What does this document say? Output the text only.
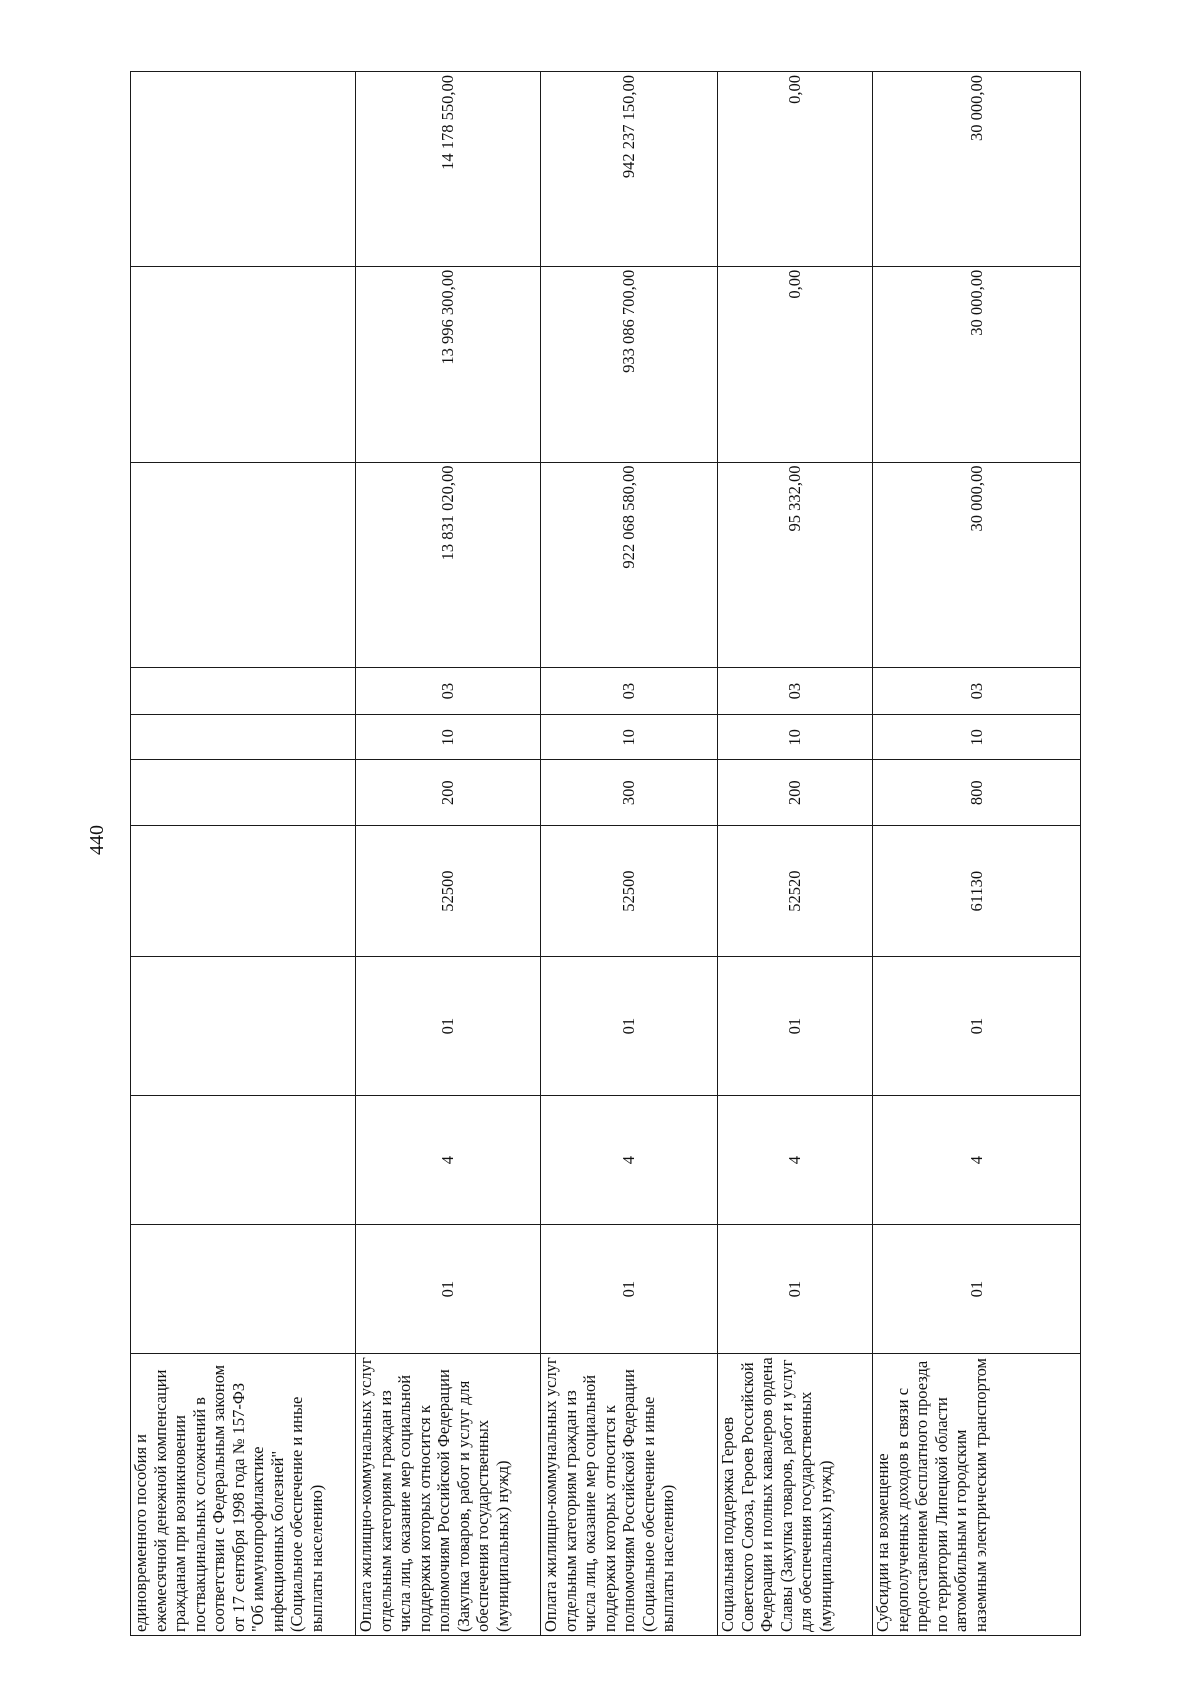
440
единовременного пособия и ежемесячной денежной компенсации гражданам при возникновении поствакцинальных осложнений в соответствии с Федеральным законом от 17 сентября 1998 года № 157-ФЗ "Об иммунопрофилактике инфекционных болезней" (Социальное обеспечение и иные выплаты населению)										
Оплата жилищно-коммунальных услуг отдельным категориям граждан из числа лиц, оказание мер социальной поддержки которых относится к полномочиям Российской Федерации (Закупка товаров, работ и услуг для обеспечения государственных (муниципальных) нужд)	01	4	01	52500	200	10	03	13 831 020,00	13 996 300,00	14 178 550,00
Оплата жилищно-коммунальных услуг отдельным категориям граждан из числа лиц, оказание мер социальной поддержки которых относится к полномочиям Российской Федерации (Социальное обеспечение и иные выплаты населению)	01	4	01	52500	300	10	03	922 068 580,00	933 086 700,00	942 237 150,00
Социальная поддержка Героев Советского Союза, Героев Российской Федерации и полных кавалеров ордена Славы (Закупка товаров, работ и услуг для обеспечения государственных (муниципальных) нужд)	01	4	01	52520	200	10	03	95 332,00	0,00	0,00
Субсидии на возмещение недополученных доходов в связи с предоставлением бесплатного проезда по территории Липецкой области автомобильным и городским наземным электрическим транспортом	01	4	01	61130	800	10	03	30 000,00	30 000,00	30 000,00
